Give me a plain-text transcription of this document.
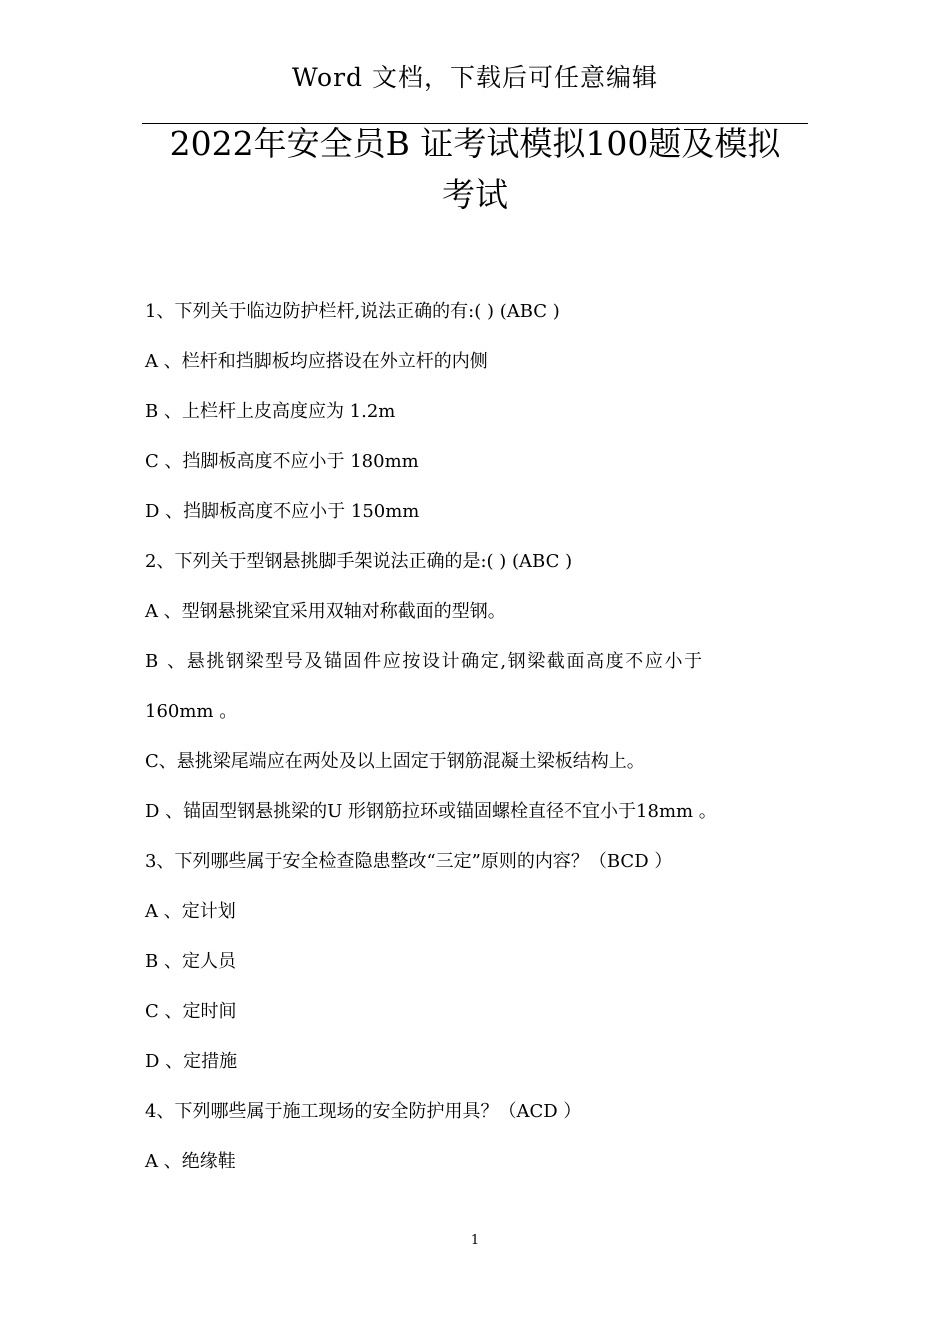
Word 文档，下载后可任意编辑
2022年安全员B 证考试模拟100题及模拟
考试
1、下列关于临边防护栏杆,说法正确的有:( ) (ABC )
A 、栏杆和挡脚板均应搭设在外立杆的内侧
B 、上栏杆上皮高度应为 1.2m
C 、挡脚板高度不应小于 180mm
D 、挡脚板高度不应小于 150mm
2、下列关于型钢悬挑脚手架说法正确的是:( ) (ABC )
A 、型钢悬挑梁宜采用双轴对称截面的型钢。
B 、悬挑钢梁型号及锚固件应按设计确定,钢梁截面高度不应小于
160mm 。
C、悬挑梁尾端应在两处及以上固定于钢筋混凝土梁板结构上。
D 、锚固型钢悬挑梁的U 形钢筋拉环或锚固螺栓直径不宜小于18mm 。
3、下列哪些属于安全检查隐患整改“三定”原则的内容？（BCD ）
A 、定计划
B 、定人员
C 、定时间
D 、定措施
4、下列哪些属于施工现场的安全防护用具？（ACD ）
A 、绝缘鞋
1
